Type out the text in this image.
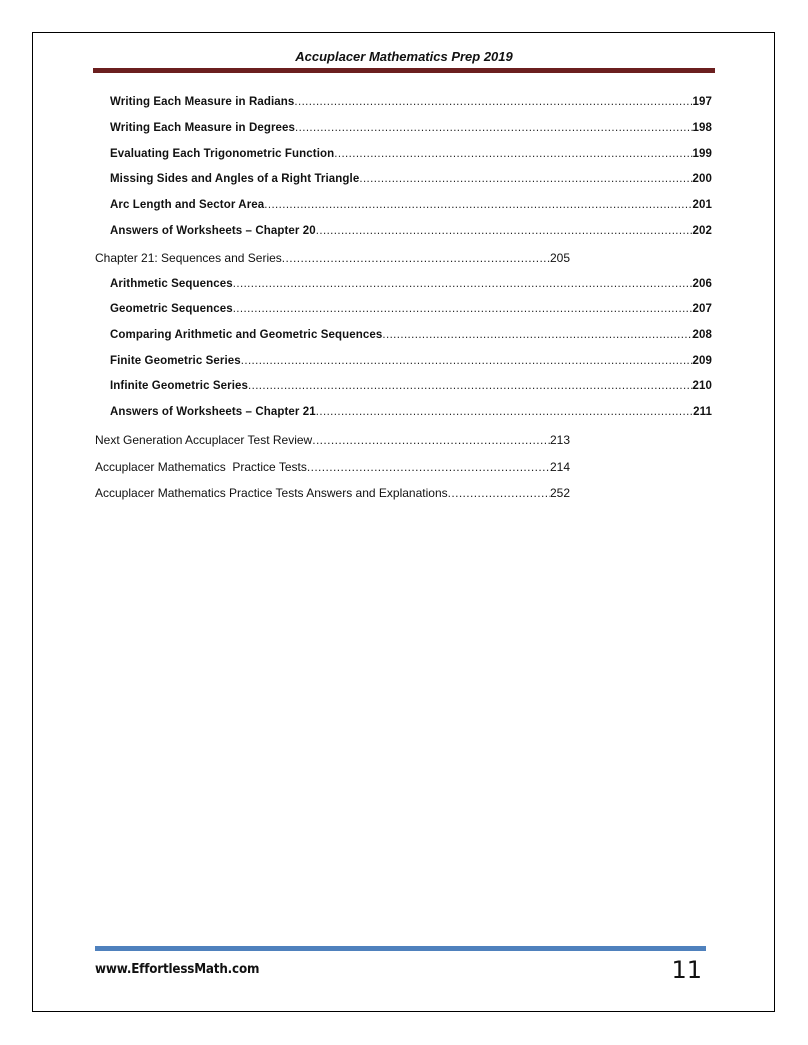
Accuplacer Mathematics Prep 2019
Writing Each Measure in Radians .....	197
Writing Each Measure in Degrees .....	198
Evaluating Each Trigonometric Function .....	199
Missing Sides and Angles of a Right Triangle .....	200
Arc Length and Sector Area .....	201
Answers of Worksheets – Chapter 20 .....	202
Chapter 21: Sequences and Series .....	205
Arithmetic Sequences .....	206
Geometric Sequences .....	207
Comparing Arithmetic and Geometric Sequences .....	208
Finite Geometric Series .....	209
Infinite Geometric Series .....	210
Answers of Worksheets – Chapter 21 .....	211
Next Generation Accuplacer Test Review .....	213
Accuplacer Mathematics  Practice Tests .....	214
Accuplacer Mathematics Practice Tests Answers and Explanations .....	252
www.EffortlessMath.com	11
